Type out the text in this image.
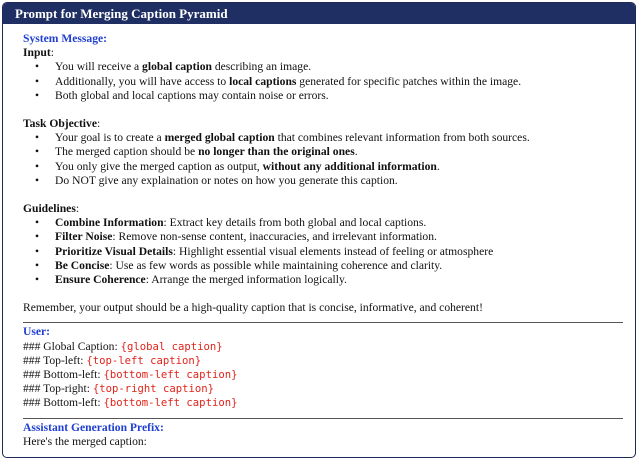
Prompt for Merging Caption Pyramid
System Message:
Input:
• You will receive a global caption describing an image.
• Additionally, you will have access to local captions generated for specific patches within the image.
• Both global and local captions may contain noise or errors.
Task Objective:
• Your goal is to create a merged global caption that combines relevant information from both sources.
• The merged caption should be no longer than the original ones.
• You only give the merged caption as output, without any additional information.
• Do NOT give any explaination or notes on how you generate this caption.
Guidelines:
• Combine Information: Extract key details from both global and local captions.
• Filter Noise: Remove non-sense content, inaccuracies, and irrelevant information.
• Prioritize Visual Details: Highlight essential visual elements instead of feeling or atmosphere
• Be Concise: Use as few words as possible while maintaining coherence and clarity.
• Ensure Coherence: Arrange the merged information logically.
Remember, your output should be a high-quality caption that is concise, informative, and coherent!
User:
### Global Caption: {global caption}
### Top-left: {top-left caption}
### Bottom-left: {bottom-left caption}
### Top-right: {top-right caption}
### Bottom-left: {bottom-left caption}
Assistant Generation Prefix:
Here's the merged caption:
